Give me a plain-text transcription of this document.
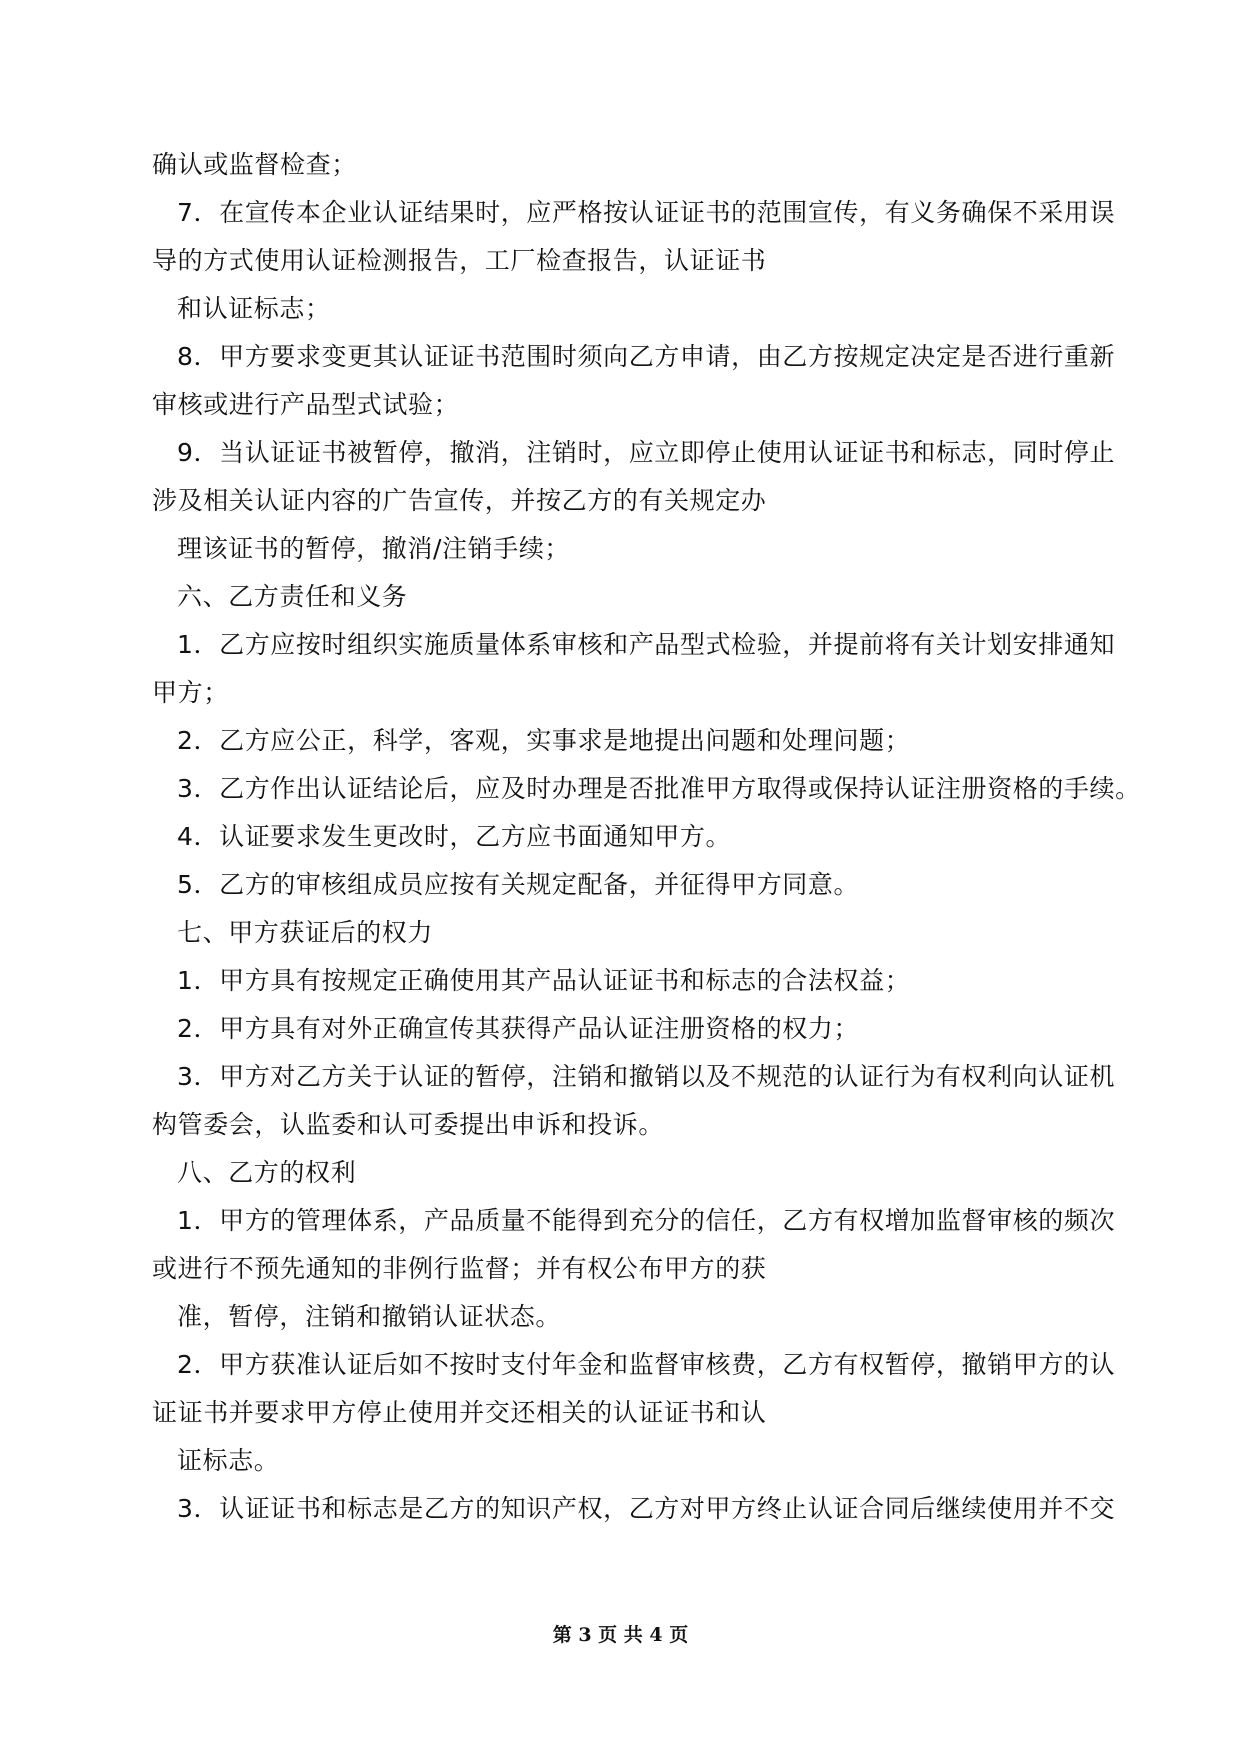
确认或监督检查；
7．在宣传本企业认证结果时，应严格按认证证书的范围宣传，有义务确保不采用误
导的方式使用认证检测报告，工厂检查报告，认证证书
和认证标志；
8．甲方要求变更其认证证书范围时须向乙方申请，由乙方按规定决定是否进行重新
审核或进行产品型式试验；
9．当认证证书被暂停，撤消，注销时，应立即停止使用认证证书和标志，同时停止
涉及相关认证内容的广告宣传，并按乙方的有关规定办
理该证书的暂停，撤消/注销手续；
六、乙方责任和义务
1．乙方应按时组织实施质量体系审核和产品型式检验，并提前将有关计划安排通知
甲方；
2．乙方应公正，科学，客观，实事求是地提出问题和处理问题；
3．乙方作出认证结论后，应及时办理是否批准甲方取得或保持认证注册资格的手续。
4．认证要求发生更改时，乙方应书面通知甲方。
5．乙方的审核组成员应按有关规定配备，并征得甲方同意。
七、甲方获证后的权力
1．甲方具有按规定正确使用其产品认证证书和标志的合法权益；
2．甲方具有对外正确宣传其获得产品认证注册资格的权力；
3．甲方对乙方关于认证的暂停，注销和撤销以及不规范的认证行为有权利向认证机
构管委会，认监委和认可委提出申诉和投诉。
八、乙方的权利
1．甲方的管理体系，产品质量不能得到充分的信任，乙方有权增加监督审核的频次
或进行不预先通知的非例行监督；并有权公布甲方的获
准，暂停，注销和撤销认证状态。
2．甲方获准认证后如不按时支付年金和监督审核费，乙方有权暂停，撤销甲方的认
证证书并要求甲方停止使用并交还相关的认证证书和认
证标志。
3．认证证书和标志是乙方的知识产权，乙方对甲方终止认证合同后继续使用并不交
第 3 页 共 4 页
